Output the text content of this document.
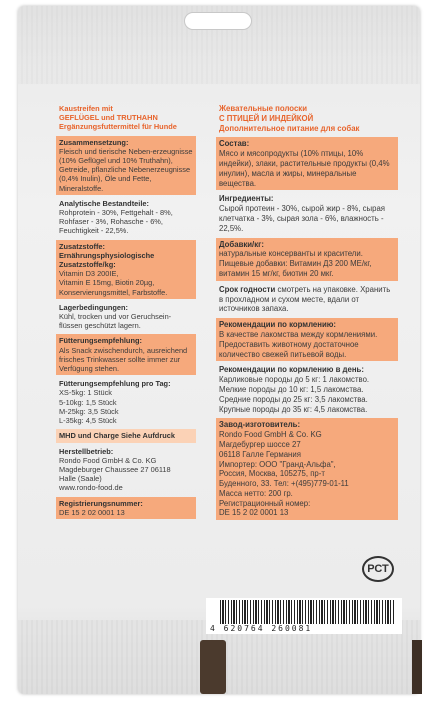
Kaustreifen mit
GEFLÜGEL und TRUTHAHN
Ergänzungsfuttermittel für Hunde
Zusammensetzung:
Fleisch und tierische Neben-erzeugnisse (10% Geflügel und 10% Truthahn), Getreide, pflanzliche Nebenerzeugnisse (0,4% Inulin), Öle und Fette, Mineralstoffe.
Analytische Bestandteile:
Rohprotein - 30%, Fettgehalt - 8%, Rohfaser - 3%, Rohasche - 6%, Feuchtigkeit - 22,5%.
Zusatzstoffe:
Ernährungsphysiologische
Zusatzstoffe/kg:
Vitamin D3 200IE,
Vitamin E 15mg, Biotin 20µg,
Konservierungsmittel, Farbstoffe.
Lagerbedingungen:
Kühl, trocken und vor Geruchsein-flüssen geschützt lagern.
Fütterungsempfehlung:
Als Snack zwischendurch, ausreichend frisches Trinkwasser sollte immer zur Verfügung stehen.
Fütterungsempfehlung pro Tag:
XS-5kg: 1 Stück
5-10kg: 1,5 Stück
M-25kg: 3,5 Stück
L-35kg: 4,5 Stück
MHD und Charge Siehe Aufdruck
Herstellbetrieb:
Rondo Food GmbH & Co. KG
Magdeburger Chaussee 27 06118
Halle (Saale)
www.rondo-food.de
Registrierungsnummer:
DE 15 2 02 0001 13
Жевательные полоски
С ПТИЦЕЙ И ИНДЕЙКОЙ
Дополнительное питание для собак
Состав:
Мясо и мясопродукты (10% птицы, 10% индейки), злаки, растительные продукты (0,4% инулин), масла и жиры, минеральные вещества.
Ингредиенты:
Сырой протеин - 30%, сырой жир - 8%, сырая клетчатка - 3%, сырая зола - 6%, влажность - 22,5%.
Добавки/кг:
натуральные консерванты и красители. Пищевые добавки: Витамин Д3 200 МЕ/кг, витамин 15 мг/кг, биотин 20 мкг.
Срок годности смотреть на упаковке. Хранить в прохладном и сухом месте, вдали от источников запаха.
Рекомендации по кормлению:
В качестве лакомства между кормлениями. Предоставить животному достаточное количество свежей питьевой воды.
Рекомендации по кормлению в день:
Карликовые породы до 5 кг: 1 лакомство.
Мелкие породы до 10 кг: 1,5 лакомства.
Средние породы до 25 кг: 3,5 лакомства.
Крупные породы до 35 кг: 4,5 лакомства.
Завод-изготовитель:
Rondo Food GmbH & Co. KG
Магдебургер шоссе 27
06118 Галле Германия
Импортер: ООО "Гранд-Альфа",
Россия, Москва, 105275, пр-т
Буденного, 33. Тел: +(495)779-01-11
Масса нетто: 200 гр.
Регистрационный номер:
DE 15 2 02 0001 13
РСТ
4 620764 260081
